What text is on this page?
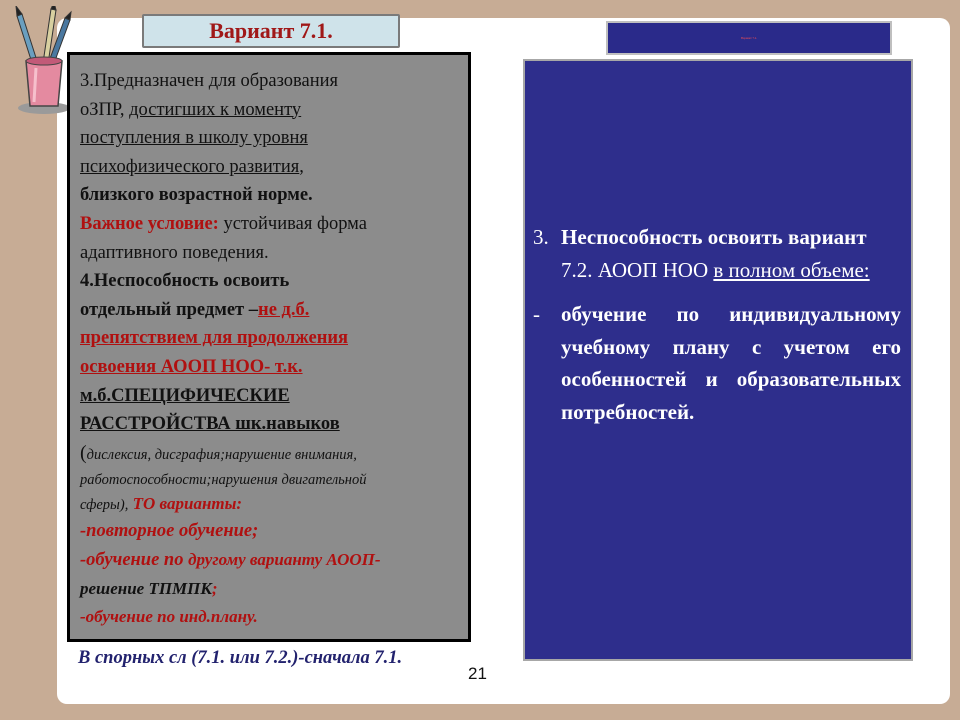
Вариант 7.1.	Вариант 7.2.

3.Предназначен для образования

оЗПР, достигших к моменту

поступления в школу уровня

психофизического развития,

близкого возрастной норме.

Важное условие: устойчивая форма

адаптивного поведения.

4.Неспособность освоить

отдельный предмет –не д.б.

препятствием для продолжения

освоения АООП НОО- т.к.

м.б.СПЕЦИФИЧЕСКИЕ

РАССТРОЙСТВА шк.навыков

(дислексия, дисграфия;нарушение внимания,

работоспособности;нарушения двигательной

сферы), ТО варианты:

-повторное обучение;

-обучение по другому варианту АООП-

решение ТПМПК;

-обучение по инд.плану.

3. Неспособность освоить вариант 7.2. АООП НОО в полном объеме:
-	обучение по индивидуальному учебному плану с учетом его особенностей и образовательных потребностей.
В спорных сл (7.1. или 7.2.)-сначала 7.1.
21
